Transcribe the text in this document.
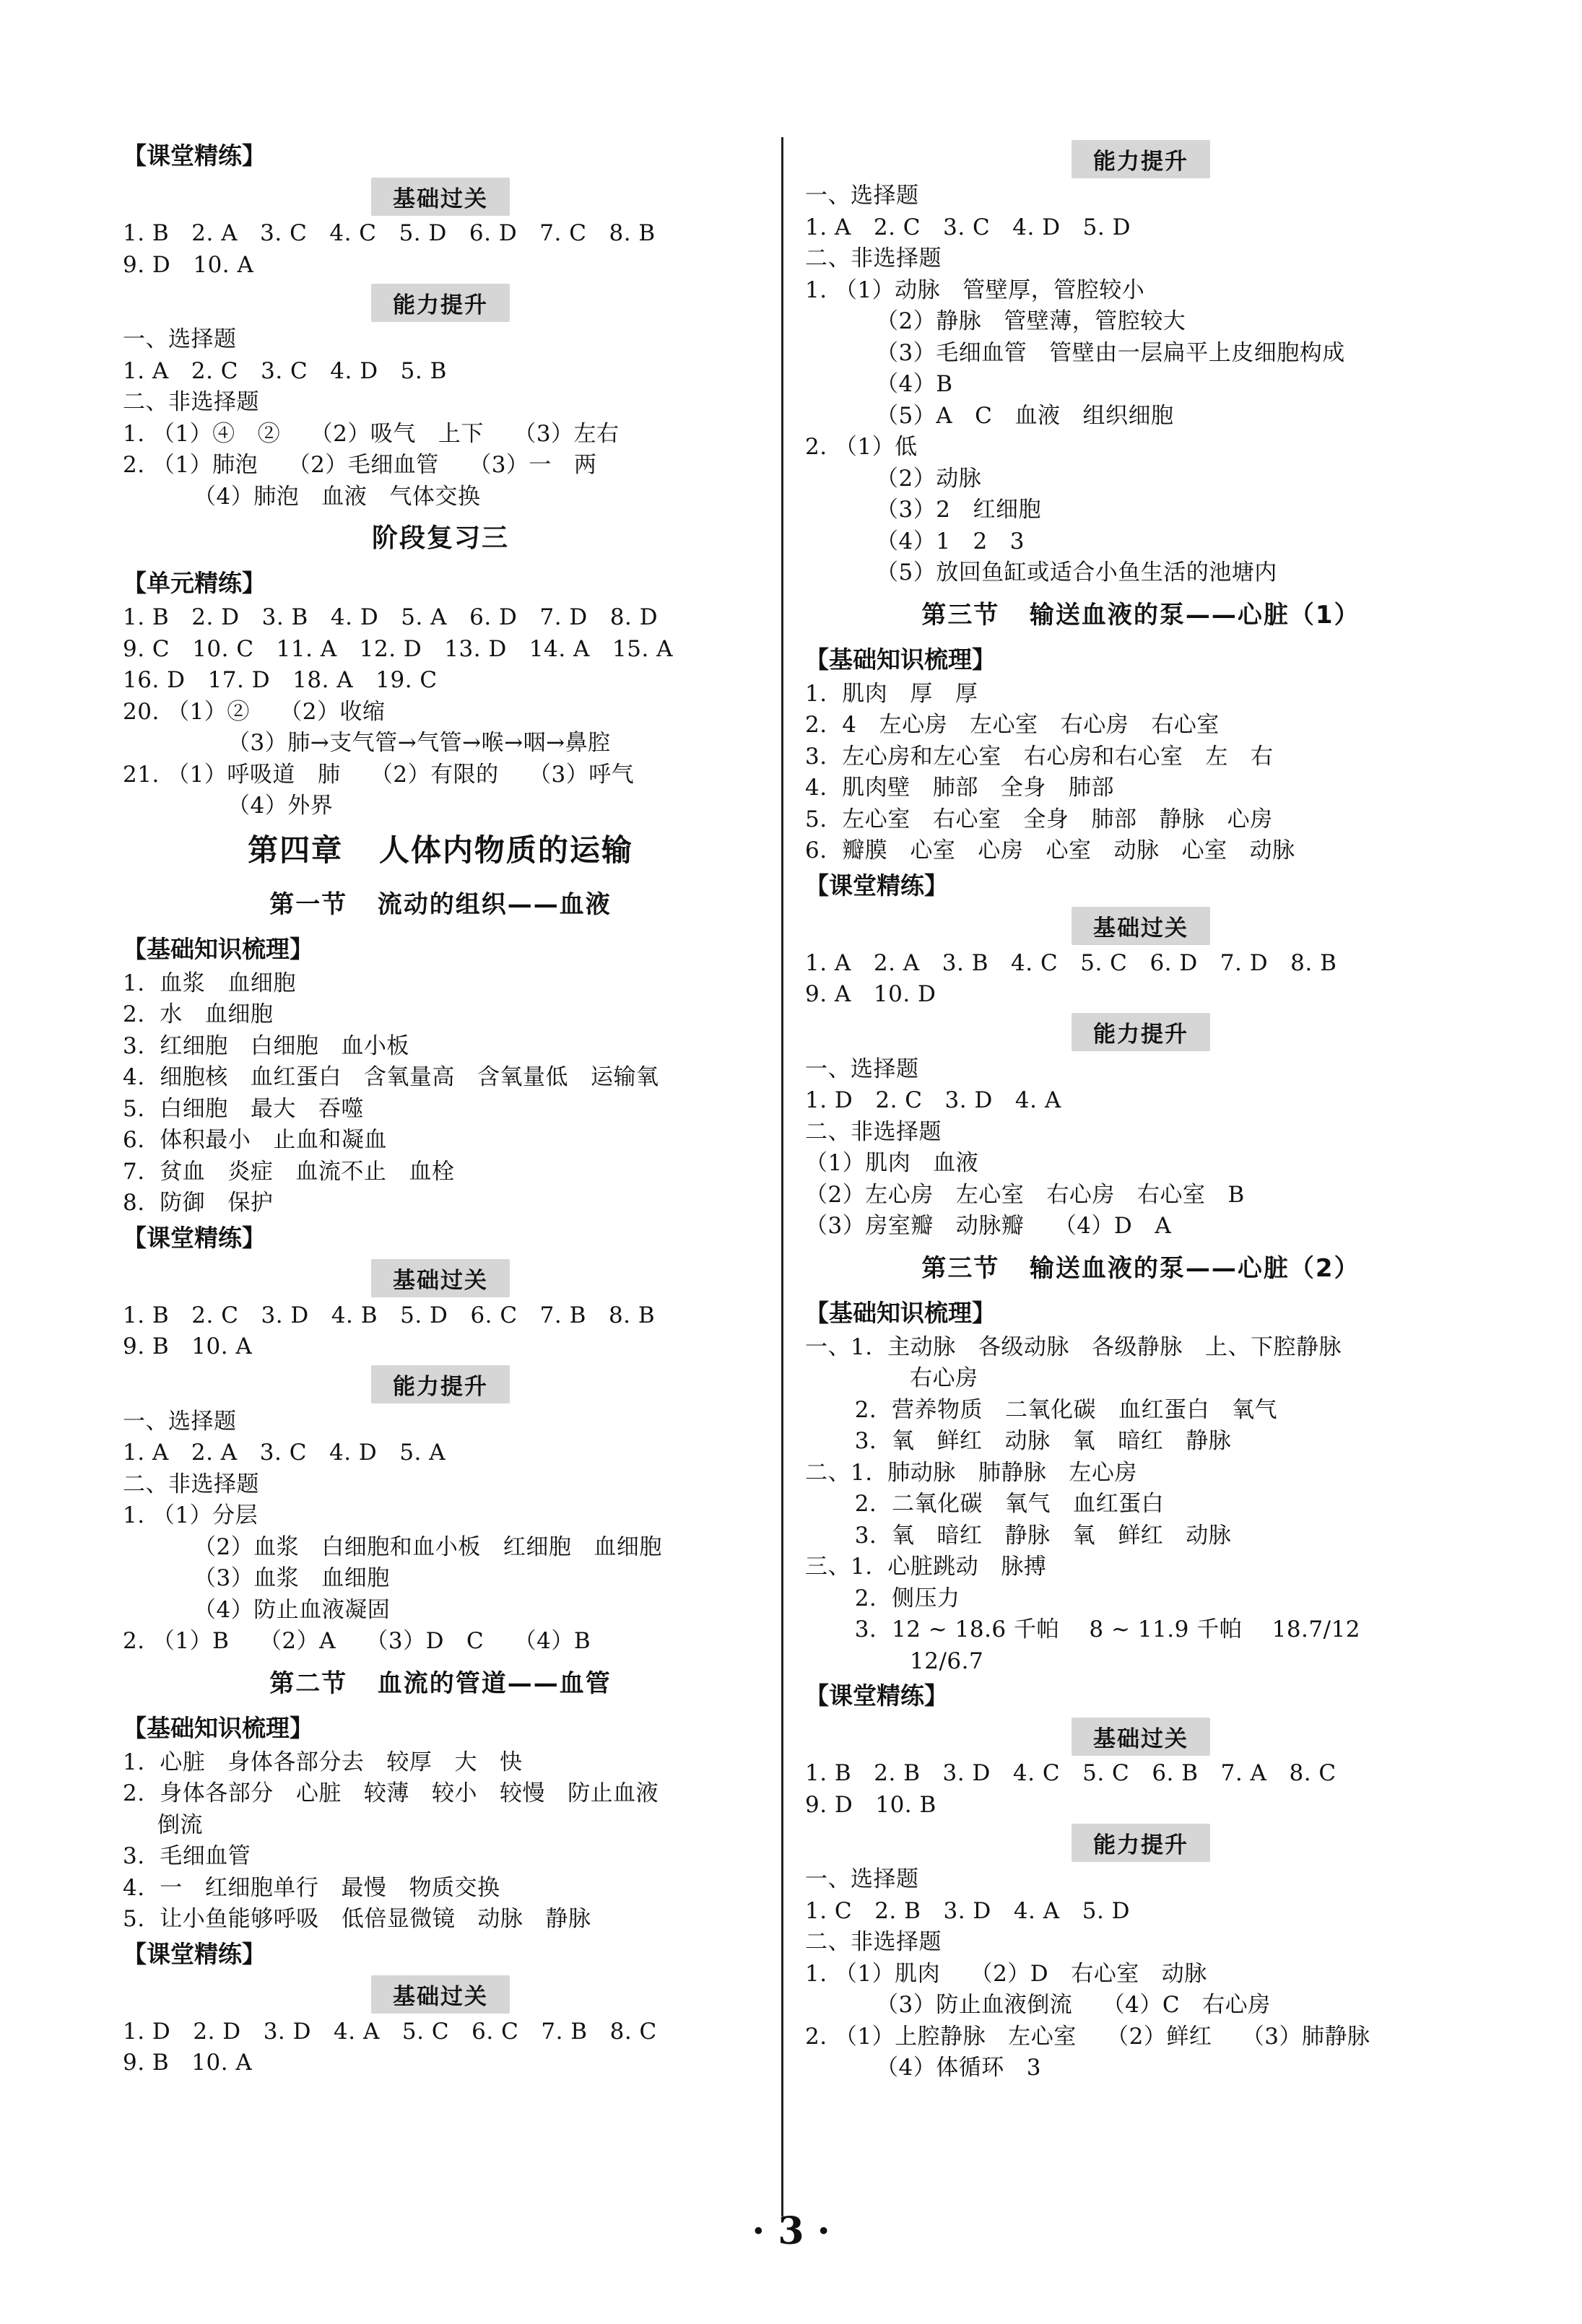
【课堂精练】
基础过关
1. B   2. A   3. C   4. C   5. D   6. D   7. C   8. B
9. D   10. A
能力提升
一、选择题
1. A   2. C   3. C   4. D   5. B
二、非选择题
1. （1）④   ②    （2）吸气   上下    （3）左右
2. （1）肺泡    （2）毛细血管    （3）一   两
（4）肺泡   血液   气体交换
阶段复习三
【单元精练】
1. B   2. D   3. B   4. D   5. A   6. D   7. D   8. D
9. C   10. C   11. A   12. D   13. D   14. A   15. A
16. D   17. D   18. A   19. C
20. （1）②    （2）收缩
（3）肺→支气管→气管→喉→咽→鼻腔
21. （1）呼吸道   肺    （2）有限的    （3）呼气
（4）外界
第四章   人体内物质的运输
第一节   流动的组织——血液
【基础知识梳理】
1.  血浆   血细胞
2.  水   血细胞
3.  红细胞   白细胞   血小板
4.  细胞核   血红蛋白   含氧量高   含氧量低   运输氧
5.  白细胞   最大   吞噬
6.  体积最小   止血和凝血
7.  贫血   炎症   血流不止   血栓
8.  防御   保护
【课堂精练】
基础过关
1. B   2. C   3. D   4. B   5. D   6. C   7. B   8. B
9. B   10. A
能力提升
一、选择题
1. A   2. A   3. C   4. D   5. A
二、非选择题
1. （1）分层
（2）血浆   白细胞和血小板   红细胞   血细胞
（3）血浆   血细胞
（4）防止血液凝固
2. （1）B    （2）A    （3）D   C    （4）B
第二节   血流的管道——血管
【基础知识梳理】
1.  心脏   身体各部分去   较厚   大   快
2.  身体各部分   心脏   较薄   较小   较慢   防止血液
倒流
3.  毛细血管
4.  一   红细胞单行   最慢   物质交换
5.  让小鱼能够呼吸   低倍显微镜   动脉   静脉
【课堂精练】
基础过关
1. D   2. D   3. D   4. A   5. C   6. C   7. B   8. C
9. B   10. A
能力提升
一、选择题
1. A   2. C   3. C   4. D   5. D
二、非选择题
1. （1）动脉   管壁厚，管腔较小
（2）静脉   管壁薄，管腔较大
（3）毛细血管   管壁由一层扁平上皮细胞构成
（4）B
（5）A   C   血液   组织细胞
2. （1）低
（2）动脉
（3）2   红细胞
（4）1   2   3
（5）放回鱼缸或适合小鱼生活的池塘内
第三节   输送血液的泵——心脏（1）
【基础知识梳理】
1.  肌肉   厚   厚
2.  4   左心房   左心室   右心房   右心室
3.  左心房和左心室   右心房和右心室   左   右
4.  肌肉壁   肺部   全身   肺部
5.  左心室   右心室   全身   肺部   静脉   心房
6.  瓣膜   心室   心房   心室   动脉   心室   动脉
【课堂精练】
基础过关
1. A   2. A   3. B   4. C   5. C   6. D   7. D   8. B
9. A   10. D
能力提升
一、选择题
1. D   2. C   3. D   4. A
二、非选择题
（1）肌肉   血液
（2）左心房   左心室   右心房   右心室   B
（3）房室瓣   动脉瓣    （4）D   A
第三节   输送血液的泵——心脏（2）
【基础知识梳理】
一、1.  主动脉   各级动脉   各级静脉   上、下腔静脉
右心房
2.  营养物质   二氧化碳   血红蛋白   氧气
3.  氧   鲜红   动脉   氧   暗红   静脉
二、1.  肺动脉   肺静脉   左心房
2.  二氧化碳   氧气   血红蛋白
3.  氧   暗红   静脉   氧   鲜红   动脉
三、1.  心脏跳动   脉搏
2.  侧压力
3.  12 ~ 18.6 千帕    8 ~ 11.9 千帕    18.7/12
12/6.7
【课堂精练】
基础过关
1. B   2. B   3. D   4. C   5. C   6. B   7. A   8. C
9. D   10. B
能力提升
一、选择题
1. C   2. B   3. D   4. A   5. D
二、非选择题
1. （1）肌肉    （2）D   右心室   动脉
（3）防止血液倒流    （4）C   右心房
2. （1）上腔静脉   左心室    （2）鲜红    （3）肺静脉
（4）体循环   3
· 3 ·
